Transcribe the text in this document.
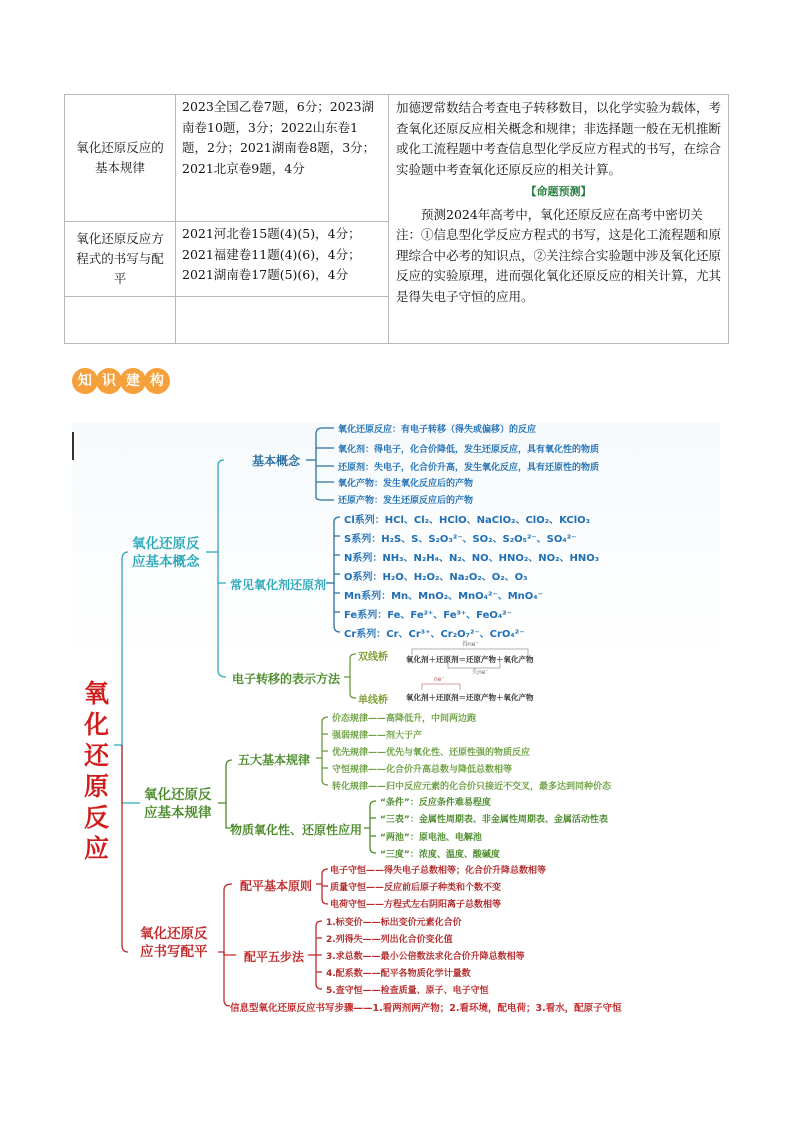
氧化还原反应的基本规律	2023全国乙卷7题，6分；2023湖南卷10题，3分；2022山东卷1题，2分；2021湖南卷8题，3分；2021北京卷9题，4分	加德逻常数结合考查电子转移数目，以化学实验为载体，考查氧化还原反应相关概念和规律；非选择题一般在无机推断或化工流程题中考查信息型化学反应方程式的书写，在综合实验题中考查氧化还原反应的相关计算。
【命题预测】
预测2024年高考中，氧化还原反应在高考中密切关注：①信息型化学反应方程式的书写，这是化工流程题和原理综合中必考的知识点，②关注综合实验题中涉及氧化还原反应的实验原理，进而强化氧化还原反应的相关计算，尤其是得失电子守恒的应用。

氧化还原反应方程式的书写与配平	2021河北卷15题(4)(5)，4分；2021福建卷11题(4)(6)，4分；2021湖南卷17题(5)(6)，4分	

知 识 建 构
氧化还原反应
氧化还原反应基本概念
基本概念
氧化还原反应：有电子转移（得失或偏移）的反应
氧化剂：得电子，化合价降低，发生还原反应，具有氧化性的物质
还原剂：失电子，化合价升高，发生氧化反应，具有还原性的物质
氧化产物：发生氧化反应后的产物
还原产物：发生还原反应后的产物
常见氧化剂还原剂
Cl系列：HCl、Cl₂、HClO、NaClO₂、ClO₂、KClO₃
S系列：H₂S、S、S₂O₃²⁻、SO₂、S₂O₅²⁻、SO₄²⁻
N系列：NH₃、N₂H₄、N₂、NO、HNO₂、NO₂、HNO₃
O系列：H₂O、H₂O₂、Na₂O₂、O₂、O₃
Mn系列：Mn、MnO₂、MnO₄²⁻、MnO₄⁻
Fe系列：Fe、Fe²⁺、Fe³⁺、FeO₄²⁻
Cr系列：Cr、Cr³⁺、Cr₂O₇²⁻、CrO₄²⁻
电子转移的表示方法
双线桥
单线桥
得ne⁻
氧化剂＋还原剂＝还原产物＋氧化产物
失ne⁻
ne⁻
氧化剂＋还原剂＝还原产物＋氧化产物
氧化还原反应基本规律
五大基本规律
价态规律——高降低升，中间两边跑
强弱规律——剂大于产
优先规律——优先与氧化性、还原性强的物质反应
守恒规律——化合价升高总数与降低总数相等
转化规律——归中反应元素的化合价只接近不交叉，最多达到同种价态
物质氧化性、还原性应用
“条件”：反应条件难易程度
“三表”：金属性周期表、非金属性周期表、金属活动性表
“两池”：原电池、电解池
“三度”：浓度、温度、酸碱度
氧化还原反应书写配平
配平基本原则
电子守恒——得失电子总数相等；化合价升降总数相等
质量守恒——反应前后原子种类和个数不变
电荷守恒——方程式左右阴阳离子总数相等
配平五步法
1.标变价——标出变价元素化合价
2.列得失——列出化合价变化值
3.求总数——最小公倍数法求化合价升降总数相等
4.配系数——配平各物质化学计量数
5.查守恒——检查质量、原子、电子守恒
信息型氧化还原反应书写步骤——1.看两剂两产物；2.看环境，配电荷；3.看水，配原子守恒
